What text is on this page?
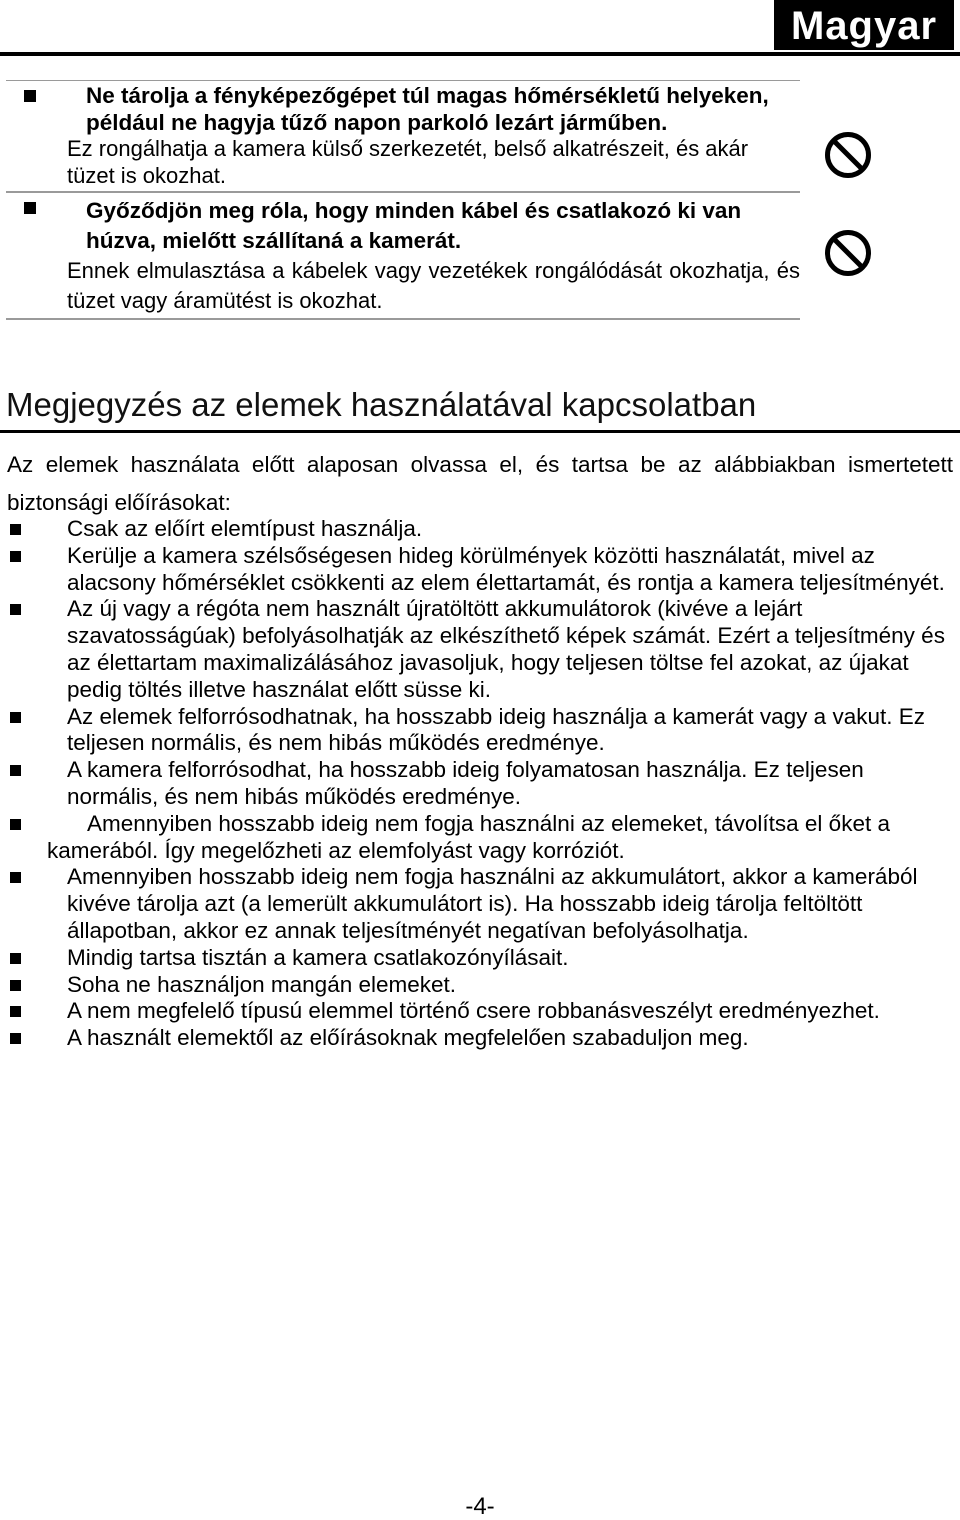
Magyar
Ne tárolja a fényképezőgépet túl magas hőmérsékletű helyeken, például ne hagyja tűző napon parkoló lezárt járműben.
Ez rongálhatja a kamera külső szerkezetét, belső alkatrészeit, és akár tüzet is okozhat.
Győződjön meg róla, hogy minden kábel és csatlakozó ki van húzva, mielőtt szállítaná a kamerát.
Ennek elmulasztása a kábelek vagy vezetékek rongálódását okozhatja, és tüzet vagy áramütést is okozhat.
Megjegyzés az elemek használatával kapcsolatban
Az elemek használata előtt alaposan olvassa el, és tartsa be az alábbiakban ismertetett biztonsági előírásokat:
Csak az előírt elemtípust használja.
Kerülje a kamera szélsőségesen hideg körülmények közötti használatát, mivel az alacsony hőmérséklet csökkenti az elem élettartamát, és rontja a kamera teljesítményét.
Az új vagy a régóta nem használt újratöltött akkumulátorok (kivéve a lejárt szavatosságúak) befolyásolhatják az elkészíthető képek számát. Ezért a teljesítmény és az élettartam maximalizálásához javasoljuk, hogy teljesen töltse fel azokat, az újakat pedig töltés illetve használat előtt süsse ki.
Az elemek felforrósodhatnak, ha hosszabb ideig használja a kamerát vagy a vakut. Ez teljesen normális, és nem hibás működés eredménye.
A kamera felforrósodhat, ha hosszabb ideig folyamatosan használja. Ez teljesen normális, és nem hibás működés eredménye.
Amennyiben hosszabb ideig nem fogja használni az elemeket, távolítsa el őket a kamerából. Így megelőzheti az elemfolyást vagy korróziót.
Amennyiben hosszabb ideig nem fogja használni az akkumulátort, akkor a kamerából kivéve tárolja azt (a lemerült akkumulátort is). Ha hosszabb ideig tárolja feltöltött állapotban, akkor ez annak teljesítményét negatívan befolyásolhatja.
Mindig tartsa tisztán a kamera csatlakozónyílásait.
Soha ne használjon mangán elemeket.
A nem megfelelő típusú elemmel történő csere robbanásveszélyt eredményezhet.
A használt elemektől az előírásoknak megfelelően szabaduljon meg.
-4-
